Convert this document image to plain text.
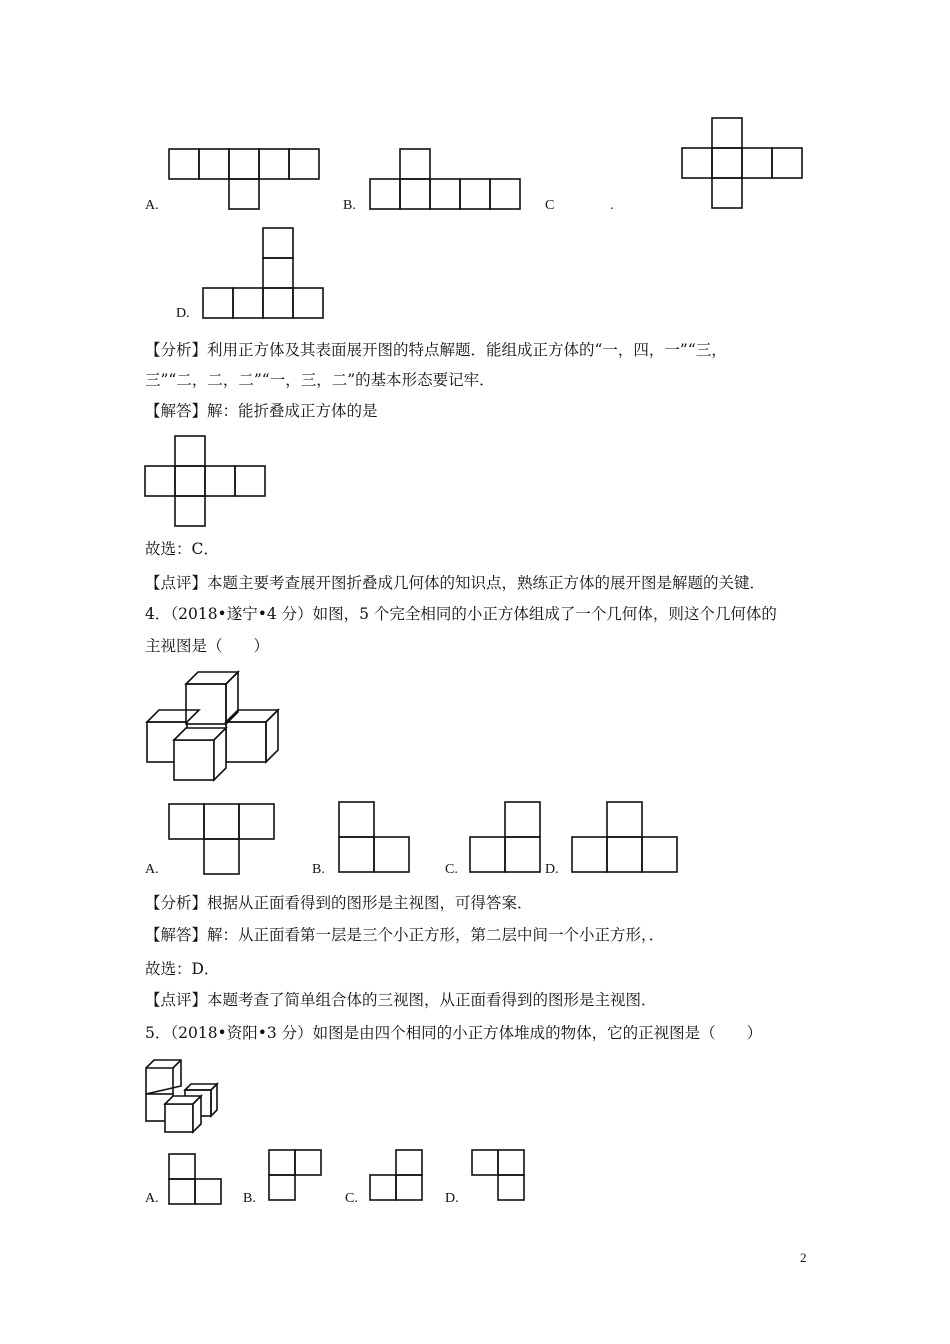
A.	B.	C	.
D.
【分析】利用正方体及其表面展开图的特点解题．能组成正方体的“一，四，一”“三，
三”“二，二，二”“一，三，二”的基本形态要记牢．
【解答】解：能折叠成正方体的是
故选：C．
【点评】本题主要考查展开图折叠成几何体的知识点，熟练正方体的展开图是解题的关键．
4．（2018•遂宁•4 分）如图，5 个完全相同的小正方体组成了一个几何体，则这个几何体的
主视图是（　　）
A.	B.	C.	D.
【分析】根据从正面看得到的图形是主视图，可得答案．
【解答】解：从正面看第一层是三个小正方形，第二层中间一个小正方形，．
故选：D．
【点评】本题考查了简单组合体的三视图，从正面看得到的图形是主视图．
5．（2018•资阳•3 分）如图是由四个相同的小正方体堆成的物体，它的正视图是（　　）
A.	B.	C.	D.
2
